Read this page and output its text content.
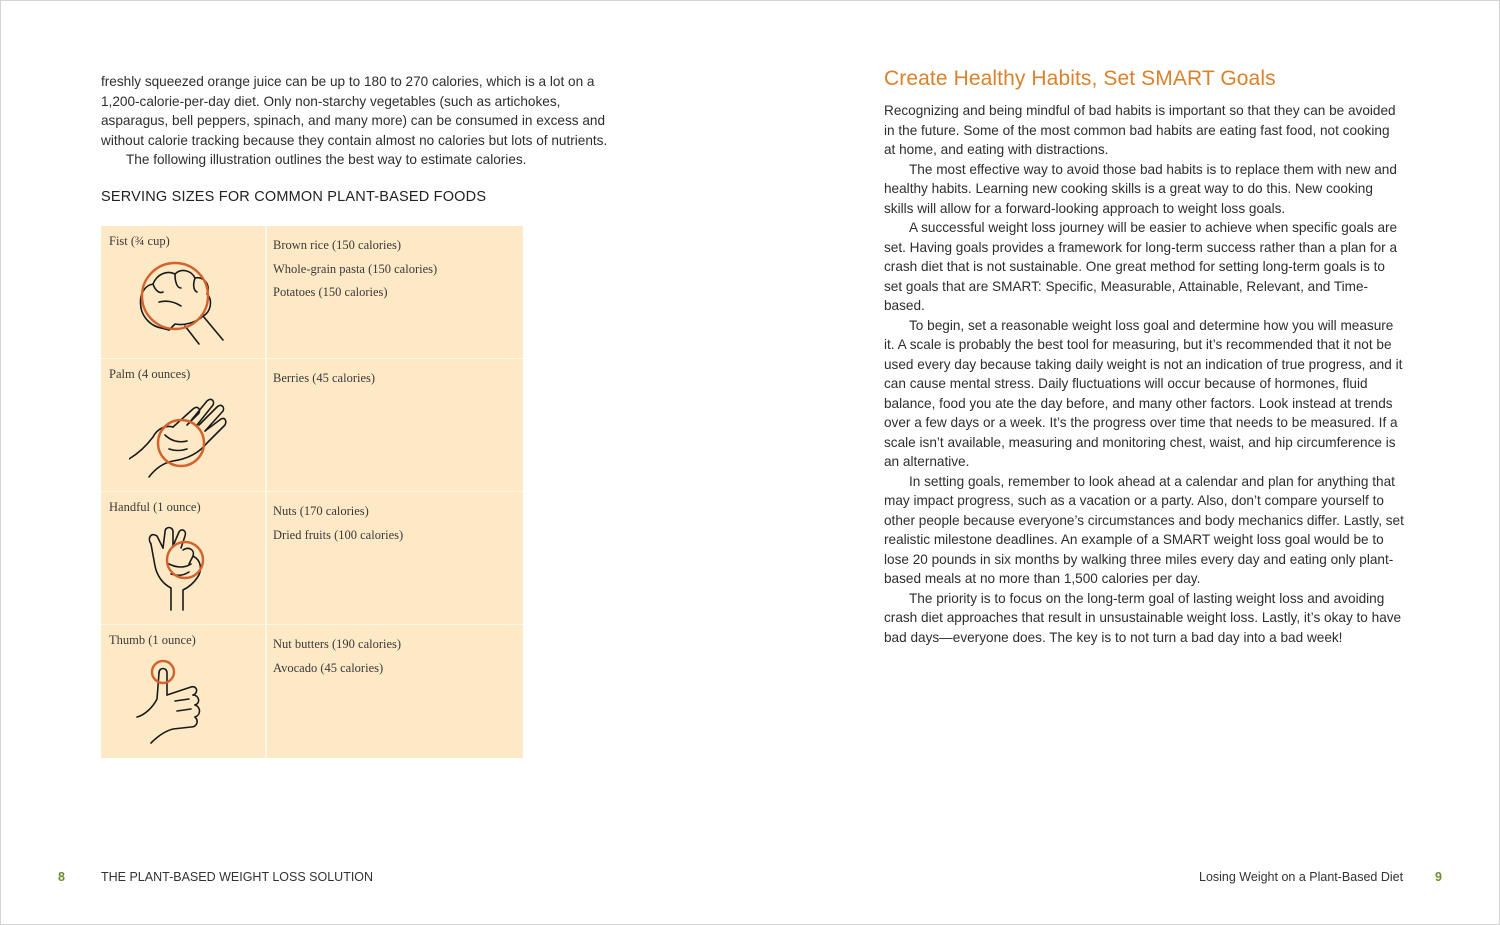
freshly squeezed orange juice can be up to 180 to 270 calories, which is a lot on a 1,200-calorie-per-day diet. Only non-starchy vegetables (such as artichokes, asparagus, bell peppers, spinach, and many more) can be consumed in excess and without calorie tracking because they contain almost no calories but lots of nutrients.

The following illustration outlines the best way to estimate calories.

SERVING SIZES FOR COMMON PLANT-BASED FOODS
Fist (¾ cup)	Brown rice (150 calories)
Whole-grain pasta (150 calories)
Potatoes (150 calories)
Palm (4 ounces)	Berries (45 calories)
Handful (1 ounce)	Nuts (170 calories)
Dried fruits (100 calories)
Thumb (1 ounce)	Nut butters (190 calories)
Avocado (45 calories)
8	THE PLANT-BASED WEIGHT LOSS SOLUTION
Create Healthy Habits, Set SMART Goals

Recognizing and being mindful of bad habits is important so that they can be avoided in the future. Some of the most common bad habits are eating fast food, not cooking at home, and eating with distractions.

The most effective way to avoid those bad habits is to replace them with new and healthy habits. Learning new cooking skills is a great way to do this. New cooking skills will allow for a forward-looking approach to weight loss goals.

A successful weight loss journey will be easier to achieve when specific goals are set. Having goals provides a framework for long-term success rather than a plan for a crash diet that is not sustainable. One great method for setting long-term goals is to set goals that are SMART: Specific, Measurable, Attainable, Relevant, and Time-based.

To begin, set a reasonable weight loss goal and determine how you will measure it. A scale is probably the best tool for measuring, but it’s recommended that it not be used every day because taking daily weight is not an indication of true progress, and it can cause mental stress. Daily fluctuations will occur because of hormones, fluid balance, food you ate the day before, and many other factors. Look instead at trends over a few days or a week. It’s the progress over time that needs to be measured. If a scale isn’t available, measuring and monitoring chest, waist, and hip circumference is an alternative.

In setting goals, remember to look ahead at a calendar and plan for anything that may impact progress, such as a vacation or a party. Also, don’t compare yourself to other people because everyone’s circumstances and body mechanics differ. Lastly, set realistic milestone deadlines. An example of a SMART weight loss goal would be to lose 20 pounds in six months by walking three miles every day and eating only plant-based meals at no more than 1,500 calories per day.

The priority is to focus on the long-term goal of lasting weight loss and avoiding crash diet approaches that result in unsustainable weight loss. Lastly, it’s okay to have bad days—everyone does. The key is to not turn a bad day into a bad week!

Losing Weight on a Plant-Based Diet	9
